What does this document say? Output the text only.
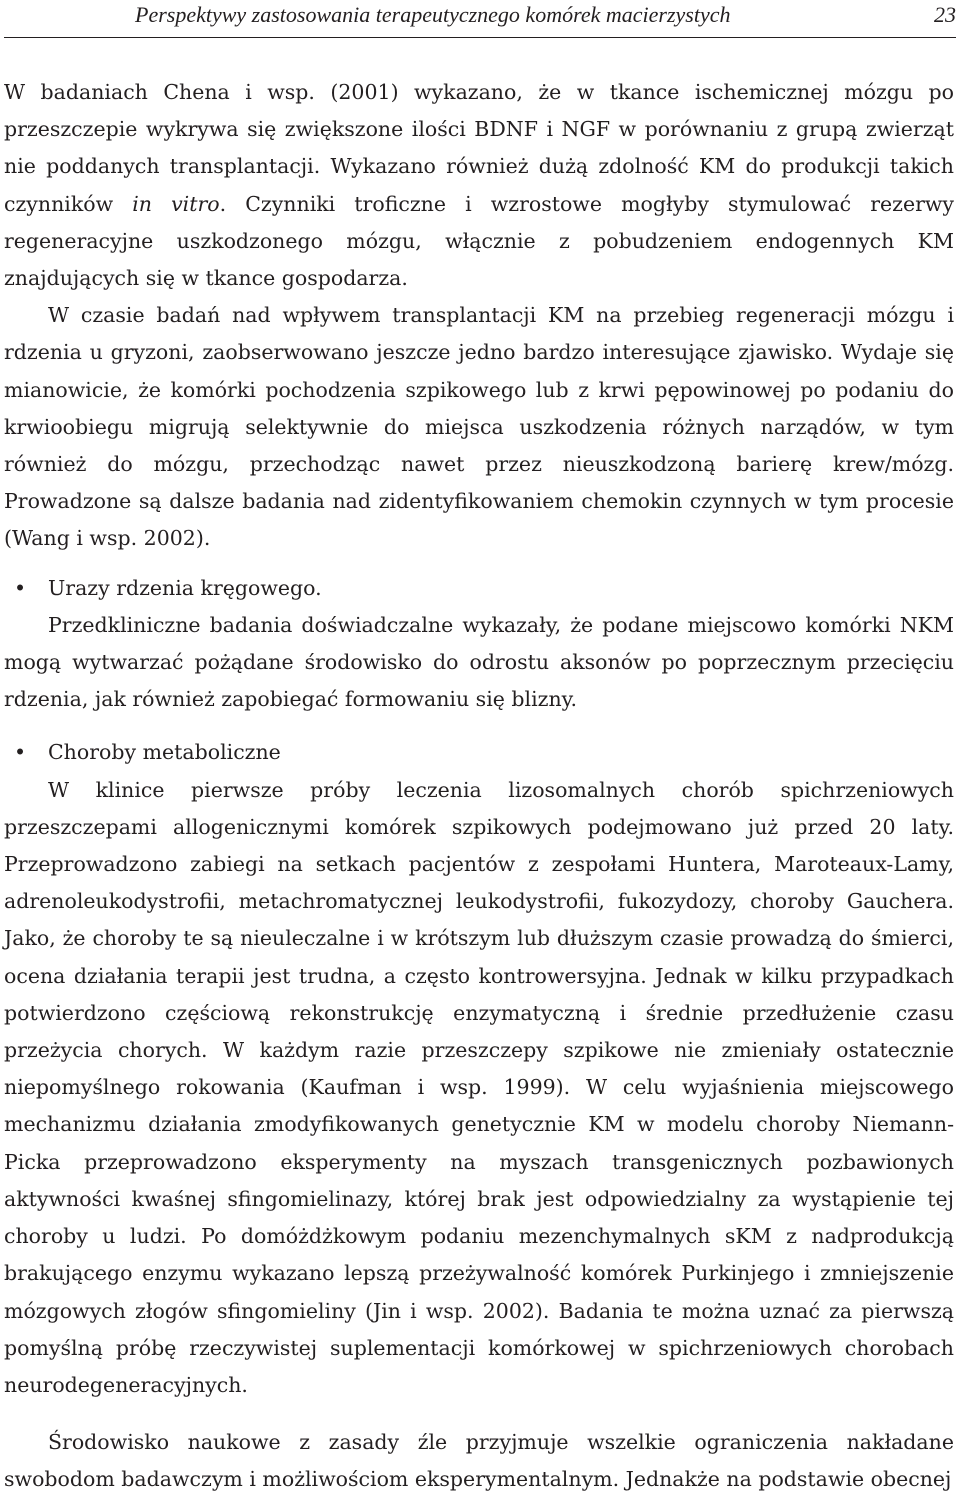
Perspektywy zastosowania terapeutycznego komórek macierzystych	23

W badaniach Chena i wsp. (2001) wykazano, że w tkance ischemicznej mózgu po przeszczepie wykrywa się zwiększone ilości BDNF i NGF w porównaniu z grupą zwierząt nie poddanych transplantacji. Wykazano również dużą zdolność KM do produkcji takich czynników in vitro. Czynniki troficzne i wzrostowe mogłyby stymulować rezerwy regeneracyjne uszkodzonego mózgu, włącznie z pobudzeniem endogennych KM znajdujących się w tkance gospodarza.

W czasie badań nad wpływem transplantacji KM na przebieg regeneracji mózgu i rdzenia u gryzoni, zaobserwowano jeszcze jedno bardzo interesujące zjawisko. Wydaje się mianowicie, że komórki pochodzenia szpikowego lub z krwi pępowinowej po podaniu do krwioobiegu migrują selektywnie do miejsca uszkodzenia różnych narządów, w tym również do mózgu, przechodząc nawet przez nieuszkodzoną barierę krew/mózg. Prowadzone są dalsze badania nad zidentyfikowaniem chemokin czynnych w tym procesie (Wang i wsp. 2002).

• Urazy rdzenia kręgowego.

Przedkliniczne badania doświadczalne wykazały, że podane miejscowo komórki NKM mogą wytwarzać pożądane środowisko do odrostu aksonów po poprzecznym przecięciu rdzenia, jak również zapobiegać formowaniu się blizny.

• Choroby metaboliczne

W klinice pierwsze próby leczenia lizosomalnych chorób spichrzeniowych przeszczepami allogenicznymi komórek szpikowych podejmowano już przed 20 laty. Przeprowadzono zabiegi na setkach pacjentów z zespołami Huntera, Maroteaux-Lamy, adrenoleukodystrofii, metachromatycznej leukodystrofii, fukozydozy, choroby Gauchera. Jako, że choroby te są nieuleczalne i w krótszym lub dłuższym czasie prowadzą do śmierci, ocena działania terapii jest trudna, a często kontrowersyjna. Jednak w kilku przypadkach potwierdzono częściową rekonstrukcję enzymatyczną i średnie przedłużenie czasu przeżycia chorych. W każdym razie przeszczepy szpikowe nie zmieniały ostatecznie niepomyślnego rokowania (Kaufman i wsp. 1999). W celu wyjaśnienia miejscowego mechanizmu działania zmodyfikowanych genetycznie KM w modelu choroby Niemann-Picka przeprowadzono eksperymenty na myszach transgenicznych pozbawionych aktywności kwaśnej sfingomielinazy, której brak jest odpowiedzialny za wystąpienie tej choroby u ludzi. Po domóżdżkowym podaniu mezenchymalnych sKM z nadprodukcją brakującego enzymu wykazano lepszą przeżywalność komórek Purkinjego i zmniejszenie mózgowych złogów sfingomieliny (Jin i wsp. 2002). Badania te można uznać za pierwszą pomyślną próbę rzeczywistej suplementacji komórkowej w spichrzeniowych chorobach neurodegeneracyjnych.

Środowisko naukowe z zasady źle przyjmuje wszelkie ograniczenia nakładane swobodom badawczym i możliwościom eksperymentalnym. Jednakże na podstawie obecnej
